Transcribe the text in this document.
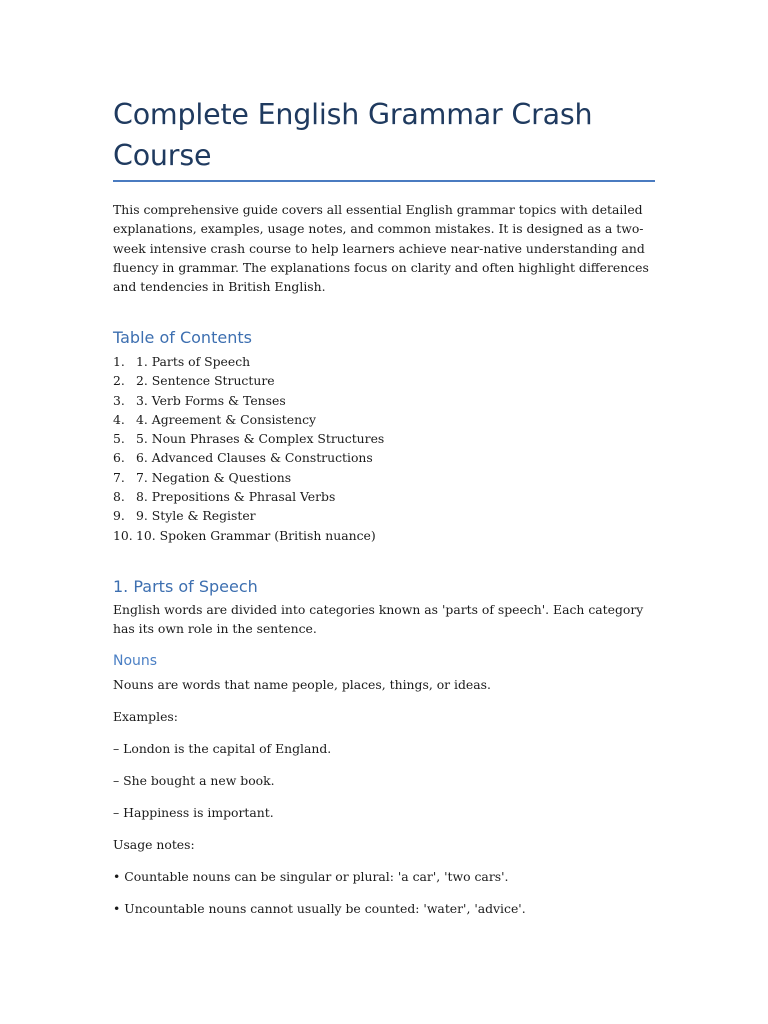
Complete English Grammar Crash Course

This comprehensive guide covers all essential English grammar topics with detailed explanations, examples, usage notes, and common mistakes. It is designed as a two-week intensive crash course to help learners achieve near-native understanding and fluency in grammar. The explanations focus on clarity and often highlight differences and tendencies in British English.

Table of Contents
1. 1. Parts of Speech
2. 2. Sentence Structure
3. 3. Verb Forms & Tenses
4. 4. Agreement & Consistency
5. 5. Noun Phrases & Complex Structures
6. 6. Advanced Clauses & Constructions
7. 7. Negation & Questions
8. 8. Prepositions & Phrasal Verbs
9. 9. Style & Register
10. 10. Spoken Grammar (British nuance)
1. Parts of Speech

English words are divided into categories known as 'parts of speech'. Each category has its own role in the sentence.

Nouns

Nouns are words that name people, places, things, or ideas.

Examples:

– London is the capital of England.

– She bought a new book.

– Happiness is important.

Usage notes:

• Countable nouns can be singular or plural: 'a car', 'two cars'.

• Uncountable nouns cannot usually be counted: 'water', 'advice'.
